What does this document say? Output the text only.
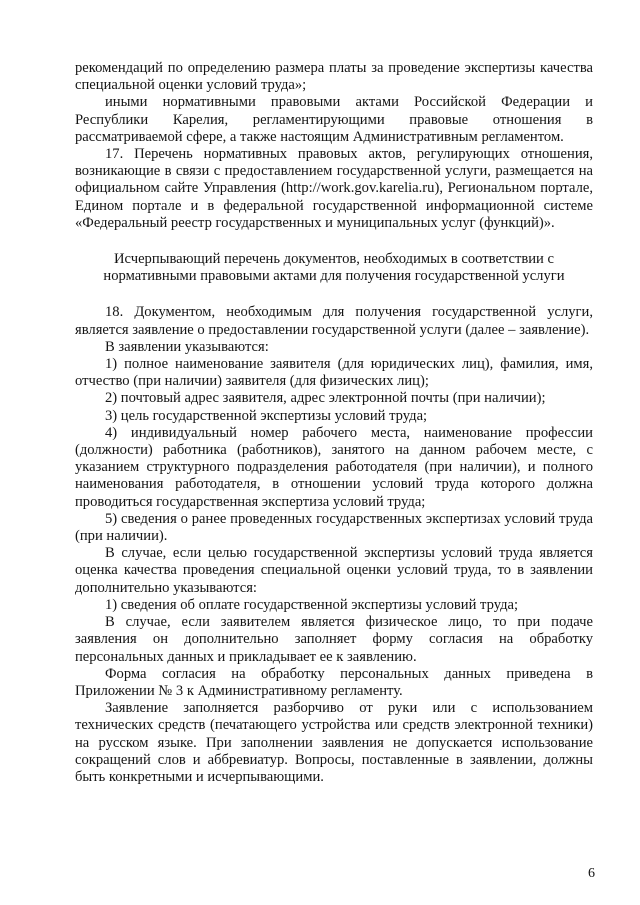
рекомендаций по определению размера платы за проведение экспертизы качества специальной оценки условий труда»;

иными нормативными правовыми актами Российской Федерации и Республики Карелия, регламентирующими правовые отношения в рассматриваемой сфере, а также настоящим Административным регламентом.

17. Перечень нормативных правовых актов, регулирующих отношения, возникающие в связи с предоставлением государственной услуги, размещается на официальном сайте Управления (http://work.gov.karelia.ru), Региональном портале, Едином портале и в федеральной государственной информационной системе «Федеральный реестр государственных и муниципальных услуг (функций)».

Исчерпывающий перечень документов, необходимых в соответствии с нормативными правовыми актами для получения государственной услуги

18. Документом, необходимым для получения государственной услуги, является заявление о предоставлении государственной услуги (далее – заявление).

В заявлении указываются:

1) полное наименование заявителя (для юридических лиц), фамилия, имя, отчество (при наличии) заявителя (для физических лиц);

2) почтовый адрес заявителя, адрес электронной почты (при наличии);

3) цель государственной экспертизы условий труда;

4) индивидуальный номер рабочего места, наименование профессии (должности) работника (работников), занятого на данном рабочем месте, с указанием структурного подразделения работодателя (при наличии), и полного наименования работодателя, в отношении условий труда которого должна проводиться государственная экспертиза условий труда;

5) сведения о ранее проведенных государственных экспертизах условий труда (при наличии).

В случае, если целью государственной экспертизы условий труда является оценка качества проведения специальной оценки условий труда, то в заявлении дополнительно указываются:

1) сведения об оплате государственной экспертизы условий труда;

В случае, если заявителем является физическое лицо, то при подаче заявления он дополнительно заполняет форму согласия на обработку персональных данных и прикладывает ее к заявлению.

Форма согласия на обработку персональных данных приведена в Приложении № 3 к Административному регламенту.

Заявление заполняется разборчиво от руки или с использованием технических средств (печатающего устройства или средств электронной техники) на русском языке. При заполнении заявления не допускается использование сокращений слов и аббревиатур. Вопросы, поставленные в заявлении, должны быть конкретными и исчерпывающими.

6
